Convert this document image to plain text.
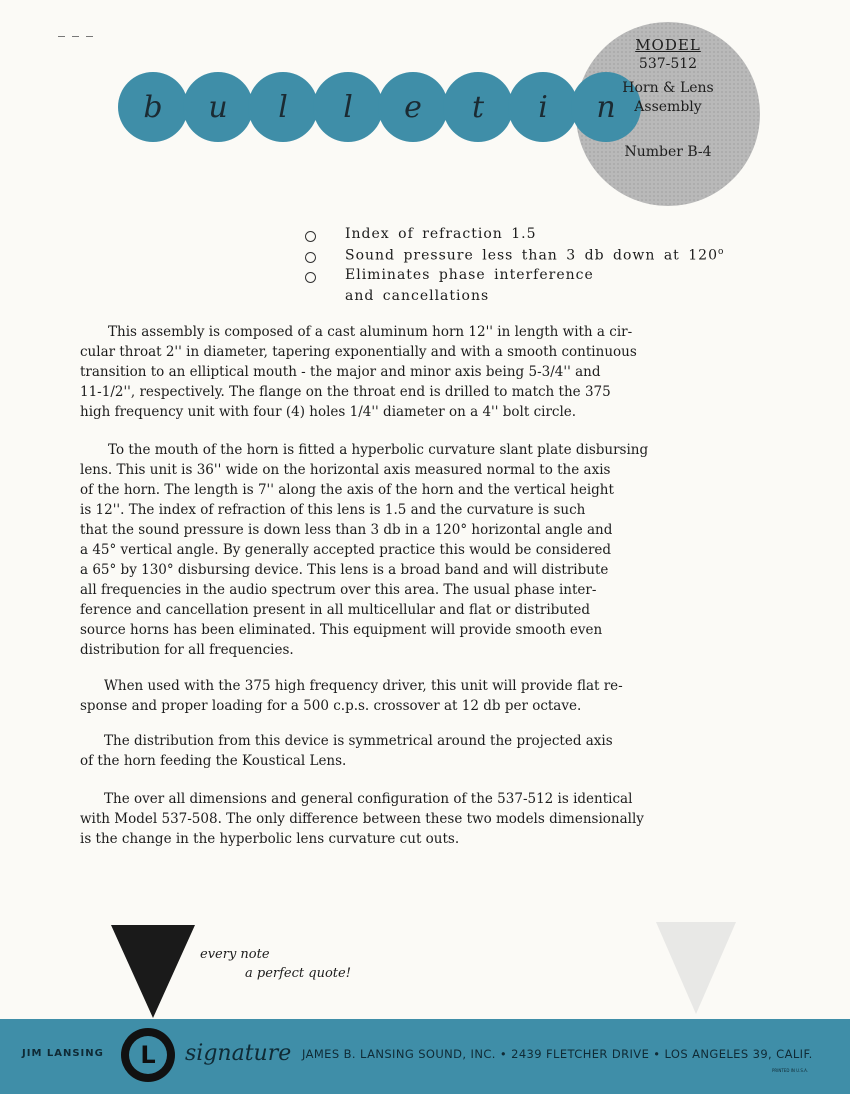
b	u	l	l	e	t	i	n
MODEL
537-512
Horn & Lens
Assembly
Number B-4
Index of refraction 1.5
Sound pressure less than 3 db down at 120$^o$
Eliminates phase interference
and cancellations
This assembly is composed of a cast aluminum horn 12'' in length with a cir-
cular throat 2'' in diameter, tapering exponentially and with a smooth continuous
transition to an elliptical mouth - the major and minor axis being 5-3/4'' and
11-1/2'', respectively. The flange on the throat end is drilled to match the 375
high frequency unit with four (4) holes 1/4'' diameter on a 4'' bolt circle.
To the mouth of the horn is fitted a hyperbolic curvature slant plate disbursing
lens. This unit is 36'' wide on the horizontal axis measured normal to the axis
of the horn. The length is 7'' along the axis of the horn and the vertical height
is 12''. The index of refraction of this lens is 1.5 and the curvature is such
that the sound pressure is down less than 3 db in a 120° horizontal angle and
a 45° vertical angle. By generally accepted practice this would be considered
a 65° by 130° disbursing device. This lens is a broad band and will distribute
all frequencies in the audio spectrum over this area. The usual phase inter-
ference and cancellation present in all multicellular and flat or distributed
source horns has been eliminated. This equipment will provide smooth even
distribution for all frequencies.
When used with the 375 high frequency driver, this unit will provide flat re-
sponse and proper loading for a 500 c.p.s. crossover at 12 db per octave.
The distribution from this device is symmetrical around the projected axis
of the horn feeding the Koustical Lens.
The over all dimensions and general configuration of the 537-512 is identical
with Model 537-508. The only difference between these two models dimensionally
is the change in the hyperbolic lens curvature cut outs.
every note
a perfect quote!
JIM LANSING	L	signature JAMES B. LANSING SOUND, INC. • 2439 FLETCHER DRIVE • LOS ANGELES 39, CALIF.
PRINTED IN U.S.A.
